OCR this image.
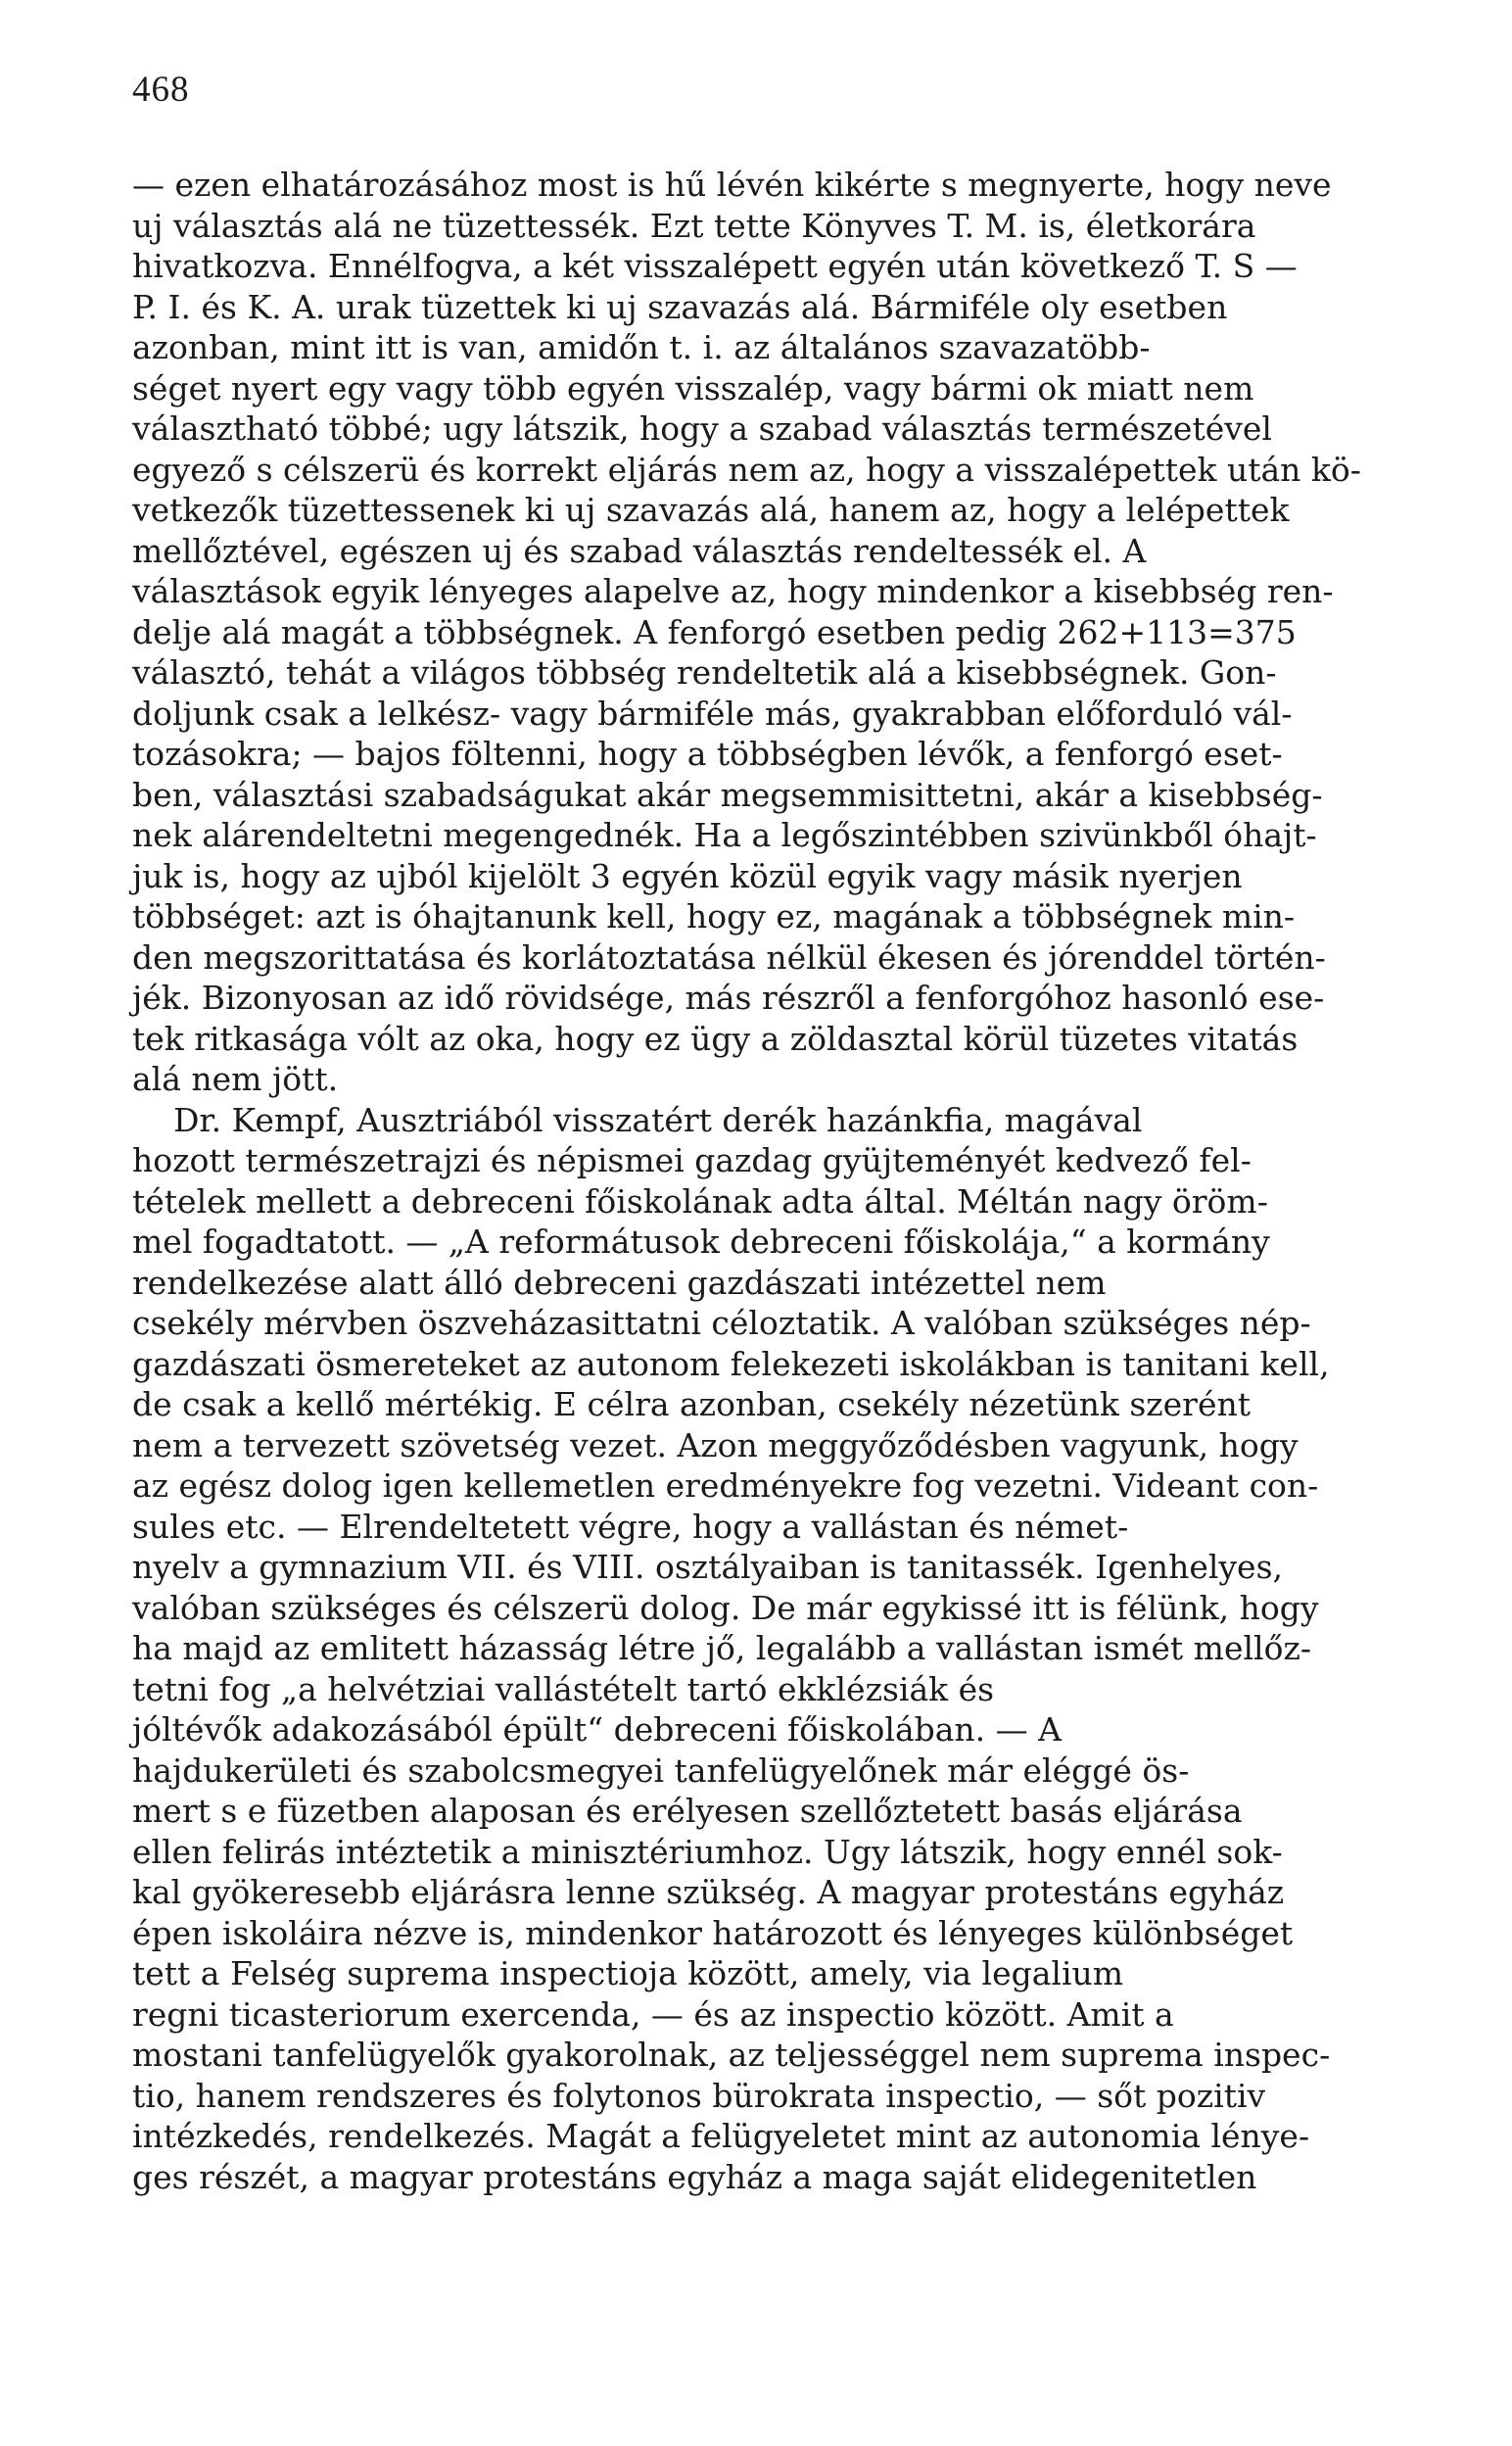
468
— ezen elhatározásához most is hű lévén kikérte s megnyerte, hogy neve
uj választás alá ne tüzettessék. Ezt tette Könyves T. M. is, életkorára
hivatkozva. Ennélfogva, a két visszalépett egyén után következő T. S —
P. I. és K. A. urak tüzettek ki uj szavazás alá. Bármiféle oly esetben
azonban, mint itt is van, amidőn t. i. az általános szavazatöbb-
séget nyert egy vagy több egyén visszalép, vagy bármi ok miatt nem
választható többé; ugy látszik, hogy a szabad választás természetével
egyező s célszerü és korrekt eljárás nem az, hogy a visszalépettek után kö-
vetkezők tüzettessenek ki uj szavazás alá, hanem az, hogy a lelépettek
mellőztével, egészen uj és szabad választás rendeltessék el. A
választások egyik lényeges alapelve az, hogy mindenkor a kisebbség ren-
delje alá magát a többségnek. A fenforgó esetben pedig 262+113=375
választó, tehát a világos többség rendeltetik alá a kisebbségnek. Gon-
doljunk csak a lelkész- vagy bármiféle más, gyakrabban előforduló vál-
tozásokra; — bajos föltenni, hogy a többségben lévők, a fenforgó eset-
ben, választási szabadságukat akár megsemmisittetni, akár a kisebbség-
nek alárendeltetni megengednék. Ha a legőszintébben szivünkből óhajt-
juk is, hogy az ujból kijelölt 3 egyén közül egyik vagy másik nyerjen
többséget: azt is óhajtanunk kell, hogy ez, magának a többségnek min-
den megszorittatása és korlátoztatása nélkül ékesen és jórenddel történ-
jék. Bizonyosan az idő rövidsége, más részről a fenforgóhoz hasonló ese-
tek ritkasága vólt az oka, hogy ez ügy a zöldasztal körül tüzetes vitatás
alá nem jött.
Dr. Kempf, Ausztriából visszatért derék hazánkfia, magával
hozott természetrajzi és népismei gazdag gyüjteményét kedvező fel-
tételek mellett a debreceni főiskolának adta által. Méltán nagy öröm-
mel fogadtatott. — „A reformátusok debreceni főiskolája,“ a kormány
rendelkezése alatt álló debreceni gazdászati intézettel nem
csekély mérvben öszveházasittatni céloztatik. A valóban szükséges nép-
gazdászati ösmereteket az autonom felekezeti iskolákban is tanitani kell,
de csak a kellő mértékig. E célra azonban, csekély nézetünk szerént
nem a tervezett szövetség vezet. Azon meggyőződésben vagyunk, hogy
az egész dolog igen kellemetlen eredményekre fog vezetni. Videant con-
sules etc. — Elrendeltetett végre, hogy a vallástan és német-
nyelv a gymnazium VII. és VIII. osztályaiban is tanitassék. Igenhelyes,
valóban szükséges és célszerü dolog. De már egykissé itt is félünk, hogy
ha majd az emlitett házasság létre jő, legalább a vallástan ismét mellőz-
tetni fog „a helvétziai vallástételt tartó ekklézsiák és
jóltévők adakozásából épült“ debreceni főiskolában. — A
hajdukerületi és szabolcsmegyei tanfelügyelőnek már eléggé ös-
mert s e füzetben alaposan és erélyesen szellőztetett basás eljárása
ellen felirás intéztetik a minisztériumhoz. Ugy látszik, hogy ennél sok-
kal gyökeresebb eljárásra lenne szükség. A magyar protestáns egyház
épen iskoláira nézve is, mindenkor határozott és lényeges különbséget
tett a Felség suprema inspectioja között, amely, via legalium
regni ticasteriorum exercenda, — és az inspectio között. Amit a
mostani tanfelügyelők gyakorolnak, az teljességgel nem suprema inspec-
tio, hanem rendszeres és folytonos bürokrata inspectio, — sőt pozitiv
intézkedés, rendelkezés. Magát a felügyeletet mint az autonomia lénye-
ges részét, a magyar protestáns egyház a maga saját elidegenitetlen
